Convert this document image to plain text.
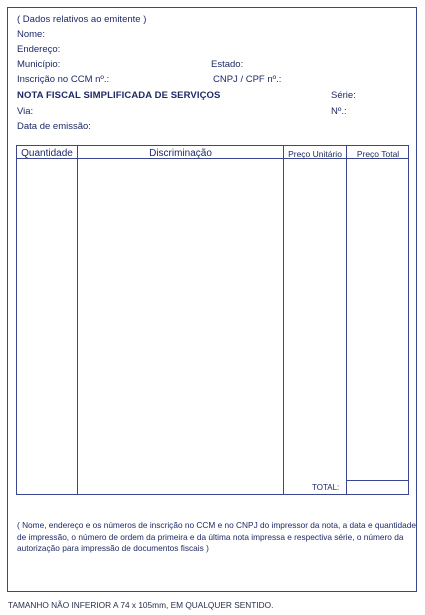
( Dados relativos ao emitente )
Nome:
Endereço:
Município:	Estado:
Inscrição no CCM nº.:	CNPJ / CPF nº.:
NOTA FISCAL SIMPLIFICADA DE SERVIÇOS	Série:
Via:	Nº.:
Data de emissão:
Quantidade	Discriminação	Preço Unitário	Preço Total
TOTAL:
( Nome, endereço e os números de inscrição no CCM e no CNPJ do impressor da nota, a data e quantidade de impressão, o número de ordem da primeira e da última nota impressa e respectiva série, o número da autorização para impressão de documentos fiscais )
TAMANHO NÃO INFERIOR A 74 x 105mm, EM QUALQUER SENTIDO.
